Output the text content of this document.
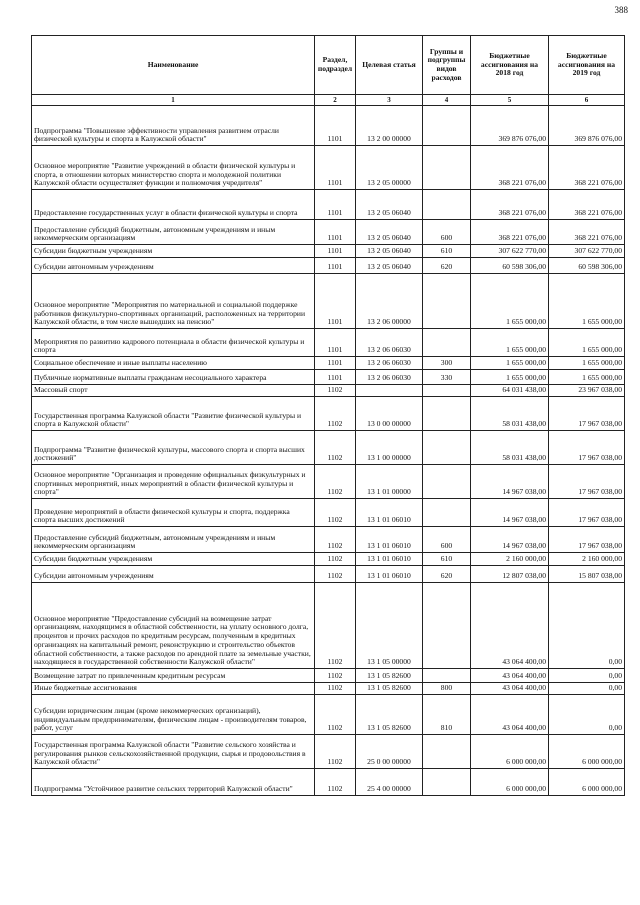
388
Наименование	Раздел, подраздел	Целевая статья	Группы и подгруппы видов расходов	Бюджетные ассигнования на 2018 год	Бюджетные ассигнования на 2019 год
1	2	3	4	5	6
Подпрограмма "Повышение эффективности управления развитием отрасли физической культуры и спорта в Калужской области"	1101	13 2 00 00000		369 876 076,00	369 876 076,00
Основное мероприятие "Развитие учреждений в области физической культуры и спорта, в отношении которых министерство спорта и молодежной политики Калужской области осуществляет функции и полномочия учредителя"	1101	13 2 05 00000		368 221 076,00	368 221 076,00
Предоставление государственных услуг в области физической культуры и спорта	1101	13 2 05 06040		368 221 076,00	368 221 076,00
Предоставление субсидий бюджетным, автономным учреждениям и иным некоммерческим организациям	1101	13 2 05 06040	600	368 221 076,00	368 221 076,00
Субсидии бюджетным учреждениям	1101	13 2 05 06040	610	307 622 770,00	307 622 770,00
Субсидии автономным учреждениям	1101	13 2 05 06040	620	60 598 306,00	60 598 306,00
Основное мероприятие "Мероприятия по материальной и социальной поддержке работников физкультурно-спортивных организаций, расположенных на территории Калужской области, в том числе вышедших на пенсию"	1101	13 2 06 00000		1 655 000,00	1 655 000,00
Мероприятия по развитию кадрового потенциала в области физической культуры и спорта	1101	13 2 06 06030		1 655 000,00	1 655 000,00
Социальное обеспечение и иные выплаты населению	1101	13 2 06 06030	300	1 655 000,00	1 655 000,00
Публичные нормативные выплаты гражданам несоциального характера	1101	13 2 06 06030	330	1 655 000,00	1 655 000,00
Массовый спорт	1102			64 031 438,00	23 967 038,00
Государственная программа Калужской области "Развитие физической культуры и спорта в Калужской области"	1102	13 0 00 00000		58 031 438,00	17 967 038,00
Подпрограмма "Развитие физической культуры, массового спорта и спорта высших достижений"	1102	13 1 00 00000		58 031 438,00	17 967 038,00
Основное мероприятие "Организация и проведение официальных физкультурных и спортивных мероприятий, иных мероприятий в области физической культуры и спорта"	1102	13 1 01 00000		14 967 038,00	17 967 038,00
Проведение мероприятий в области физической культуры и спорта, поддержка спорта высших достижений	1102	13 1 01 06010		14 967 038,00	17 967 038,00
Предоставление субсидий бюджетным, автономным учреждениям и иным некоммерческим организациям	1102	13 1 01 06010	600	14 967 038,00	17 967 038,00
Субсидии бюджетным учреждениям	1102	13 1 01 06010	610	2 160 000,00	2 160 000,00
Субсидии автономным учреждениям	1102	13 1 01 06010	620	12 807 038,00	15 807 038,00
Основное мероприятие "Предоставление субсидий на возмещение затрат организациям, находящимся в областной собственности, на уплату основного долга, процентов и прочих расходов по кредитным ресурсам, полученным в кредитных организациях на капитальный ремонт, реконструкцию и строительство объектов областной собственности, а также расходов по арендной плате за земельные участки, находящиеся в государственной собственности Калужской области"	1102	13 1 05 00000		43 064 400,00	0,00
Возмещение затрат по привлеченным кредитным ресурсам	1102	13 1 05 82600		43 064 400,00	0,00
Иные бюджетные ассигнования	1102	13 1 05 82600	800	43 064 400,00	0,00
Субсидии юридическим лицам (кроме некоммерческих организаций), индивидуальным предпринимателям, физическим лицам - производителям товаров, работ, услуг	1102	13 1 05 82600	810	43 064 400,00	0,00
Государственная программа Калужской области "Развитие сельского хозяйства и регулирования рынков сельскохозяйственной продукции, сырья и продовольствия в Калужской области"	1102	25 0 00 00000		6 000 000,00	6 000 000,00
Подпрограмма "Устойчивое развитие сельских территорий Калужской области"	1102	25 4 00 00000		6 000 000,00	6 000 000,00
